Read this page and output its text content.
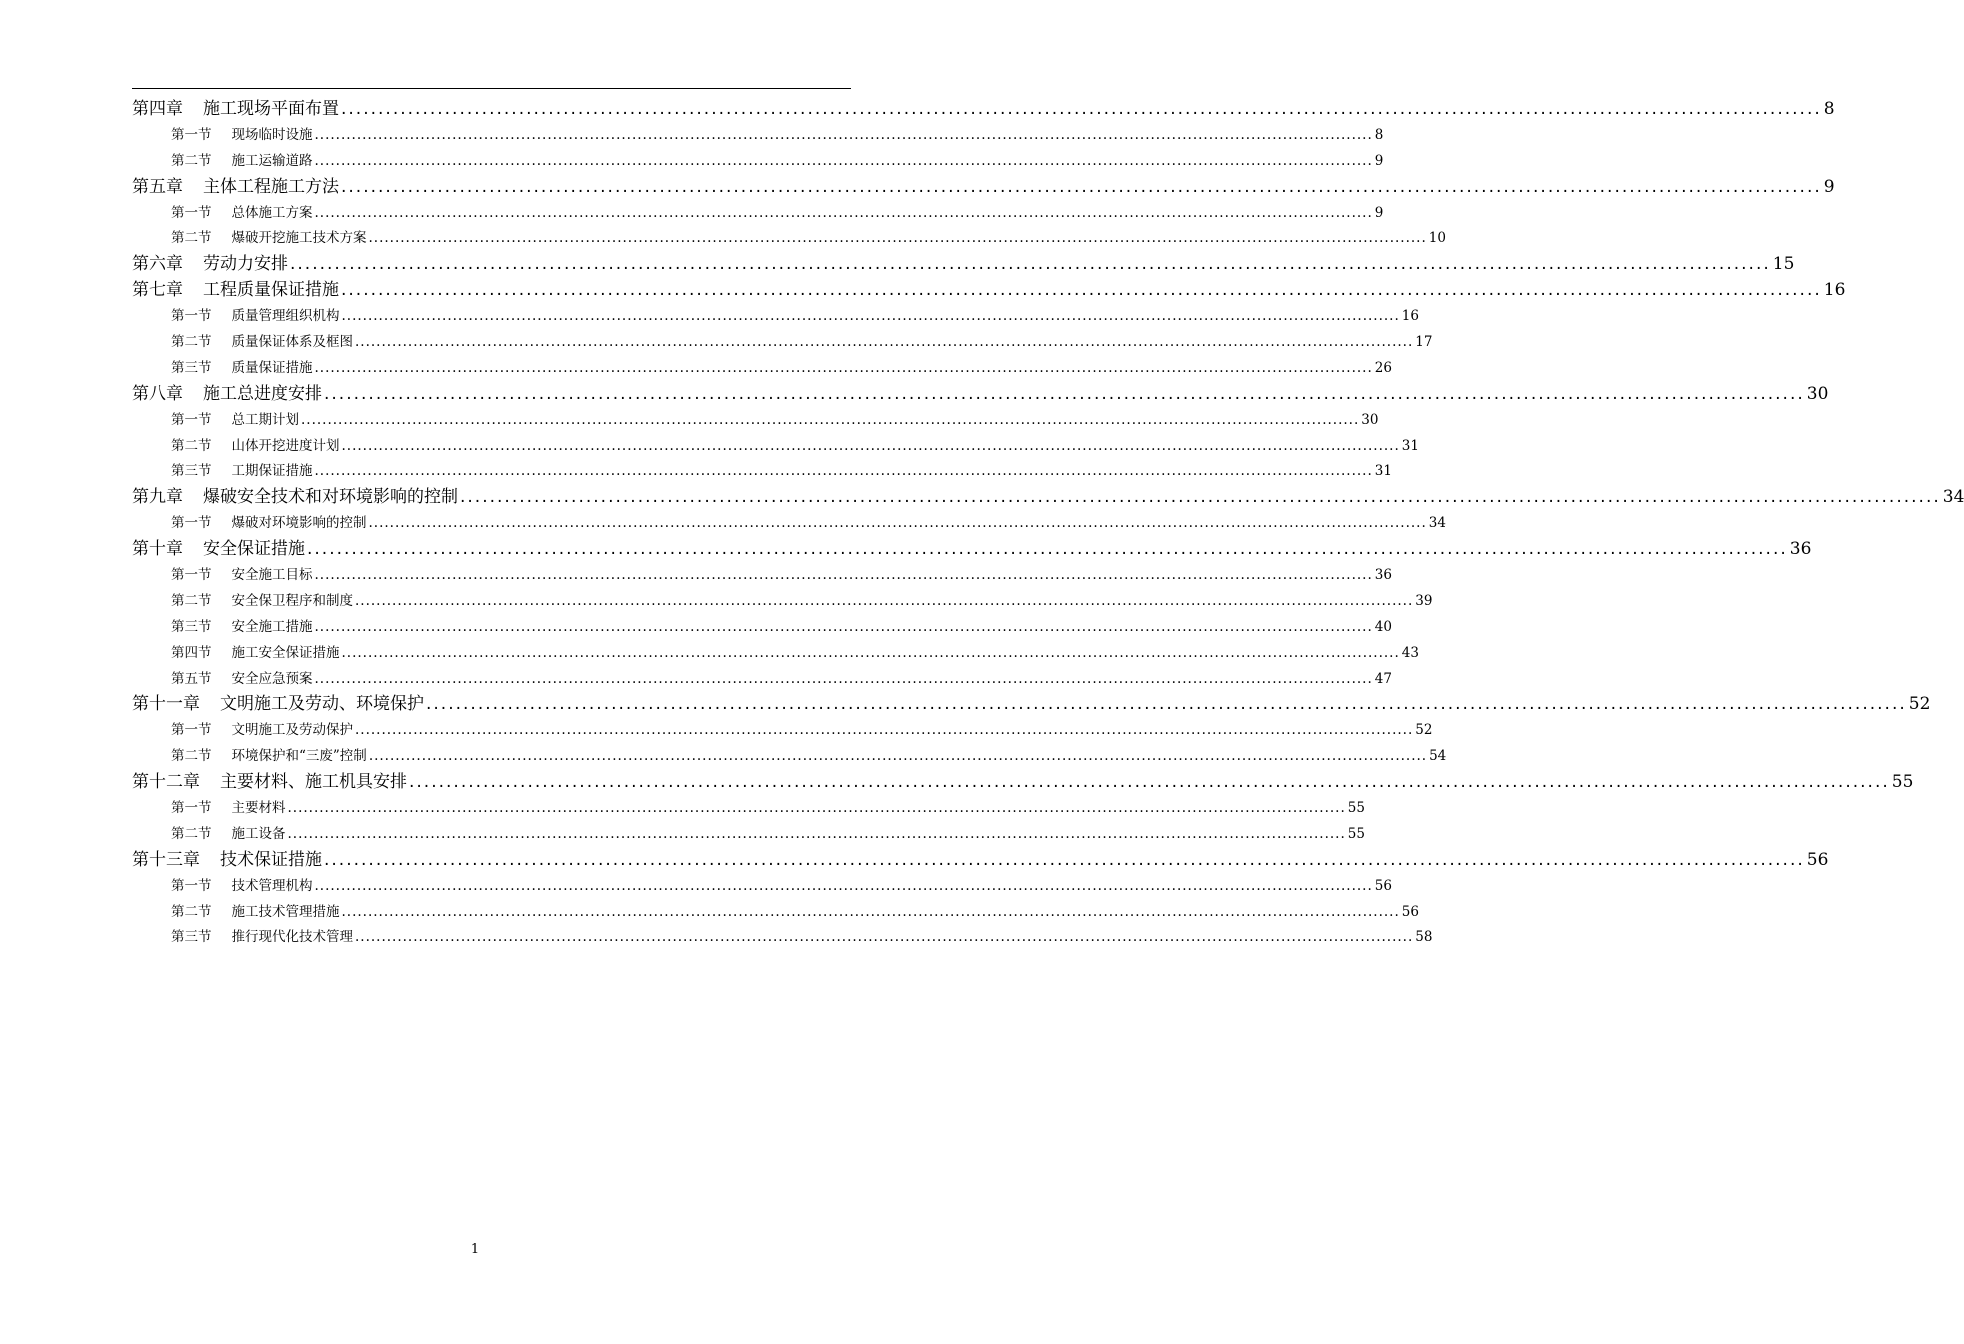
第四章 施工现场平面布置 ........................................................................................................................................................................................................ 8
第一节 现场临时设施 ........................................................................................................................................................................................................ 8
第二节 施工运输道路 ........................................................................................................................................................................................................ 9
第五章 主体工程施工方法 ........................................................................................................................................................................................................ 9
第一节 总体施工方案 ........................................................................................................................................................................................................ 9
第二节 爆破开挖施工技术方案 ........................................................................................................................................................................................................ 10
第六章 劳动力安排 ........................................................................................................................................................................................................ 15
第七章 工程质量保证措施 ........................................................................................................................................................................................................ 16
第一节 质量管理组织机构 ........................................................................................................................................................................................................ 16
第二节 质量保证体系及框图 ........................................................................................................................................................................................................ 17
第三节 质量保证措施 ........................................................................................................................................................................................................ 26
第八章 施工总进度安排 ........................................................................................................................................................................................................ 30
第一节 总工期计划 ........................................................................................................................................................................................................ 30
第二节 山体开挖进度计划 ........................................................................................................................................................................................................ 31
第三节 工期保证措施 ........................................................................................................................................................................................................ 31
第九章 爆破安全技术和对环境影响的控制 ........................................................................................................................................................................................................ 34
第一节 爆破对环境影响的控制 ........................................................................................................................................................................................................ 34
第十章 安全保证措施 ........................................................................................................................................................................................................ 36
第一节 安全施工目标 ........................................................................................................................................................................................................ 36
第二节 安全保卫程序和制度 ........................................................................................................................................................................................................ 39
第三节 安全施工措施 ........................................................................................................................................................................................................ 40
第四节 施工安全保证措施 ........................................................................................................................................................................................................ 43
第五节 安全应急预案 ........................................................................................................................................................................................................ 47
第十一章 文明施工及劳动、环境保护 ........................................................................................................................................................................................................ 52
第一节 文明施工及劳动保护 ........................................................................................................................................................................................................ 52
第二节 环境保护和“三废”控制 ........................................................................................................................................................................................................ 54
第十二章 主要材料、施工机具安排 ........................................................................................................................................................................................................ 55
第一节 主要材料 ........................................................................................................................................................................................................ 55
第二节 施工设备 ........................................................................................................................................................................................................ 55
第十三章 技术保证措施 ........................................................................................................................................................................................................ 56
第一节 技术管理机构 ........................................................................................................................................................................................................ 56
第二节 施工技术管理措施 ........................................................................................................................................................................................................ 56
第三节 推行现代化技术管理 ........................................................................................................................................................................................................ 58
1
